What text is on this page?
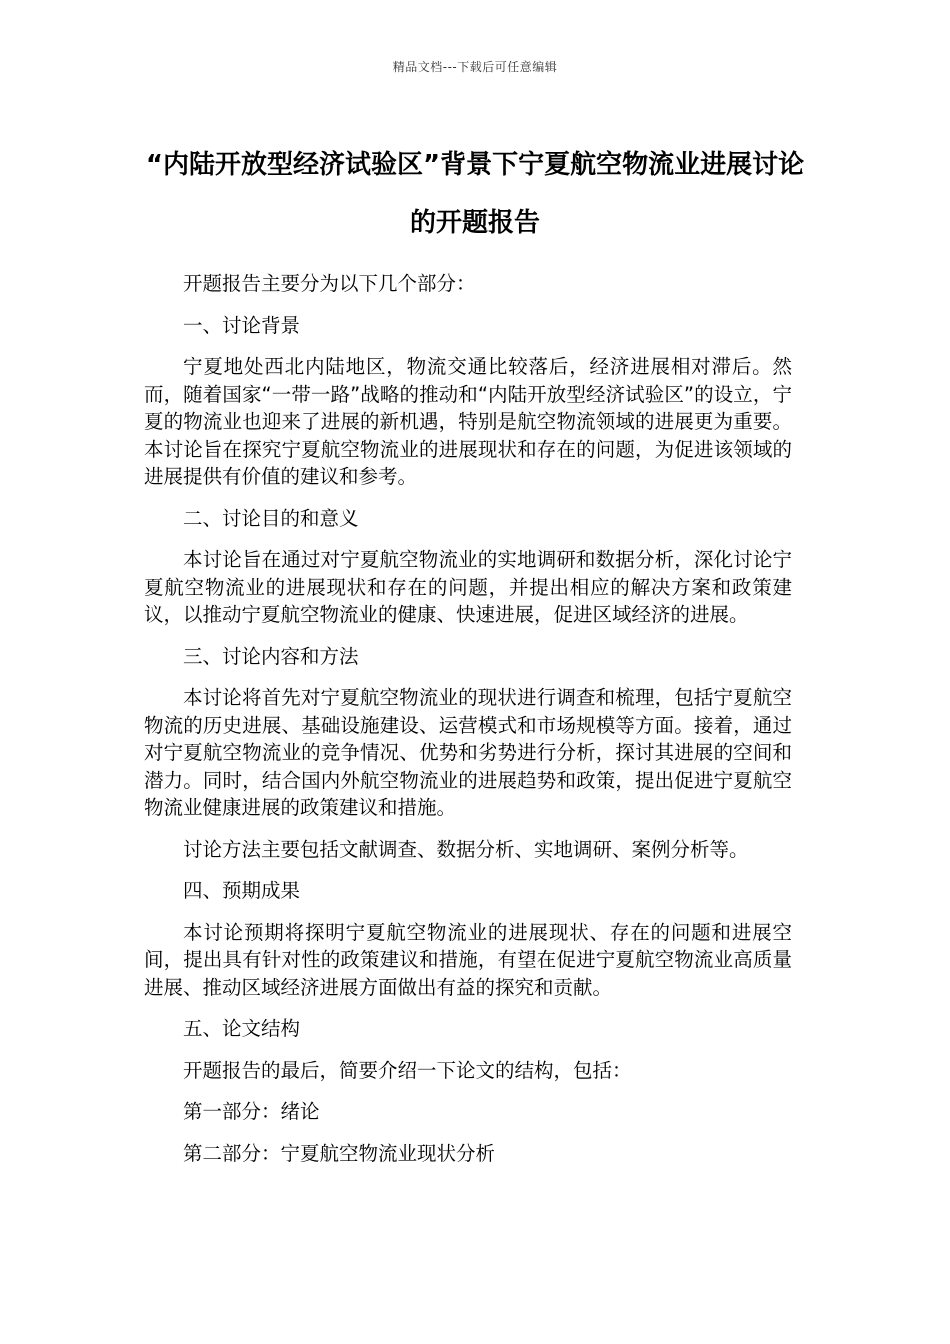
精品文档---下载后可任意编辑
“内陆开放型经济试验区”背景下宁夏航空物流业进展讨论的开题报告

开题报告主要分为以下几个部分：

一、讨论背景

宁夏地处西北内陆地区，物流交通比较落后，经济进展相对滞后。然而，随着国家“一带一路”战略的推动和“内陆开放型经济试验区”的设立，宁夏的物流业也迎来了进展的新机遇，特别是航空物流领域的进展更为重要。本讨论旨在探究宁夏航空物流业的进展现状和存在的问题，为促进该领域的进展提供有价值的建议和参考。

二、讨论目的和意义

本讨论旨在通过对宁夏航空物流业的实地调研和数据分析，深化讨论宁夏航空物流业的进展现状和存在的问题，并提出相应的解决方案和政策建议，以推动宁夏航空物流业的健康、快速进展，促进区域经济的进展。

三、讨论内容和方法

本讨论将首先对宁夏航空物流业的现状进行调查和梳理，包括宁夏航空物流的历史进展、基础设施建设、运营模式和市场规模等方面。接着，通过对宁夏航空物流业的竞争情况、优势和劣势进行分析，探讨其进展的空间和潜力。同时，结合国内外航空物流业的进展趋势和政策，提出促进宁夏航空物流业健康进展的政策建议和措施。

讨论方法主要包括文献调查、数据分析、实地调研、案例分析等。

四、预期成果

本讨论预期将探明宁夏航空物流业的进展现状、存在的问题和进展空间，提出具有针对性的政策建议和措施，有望在促进宁夏航空物流业高质量进展、推动区域经济进展方面做出有益的探究和贡献。

五、论文结构

开题报告的最后，简要介绍一下论文的结构，包括：

第一部分：绪论

第二部分：宁夏航空物流业现状分析
